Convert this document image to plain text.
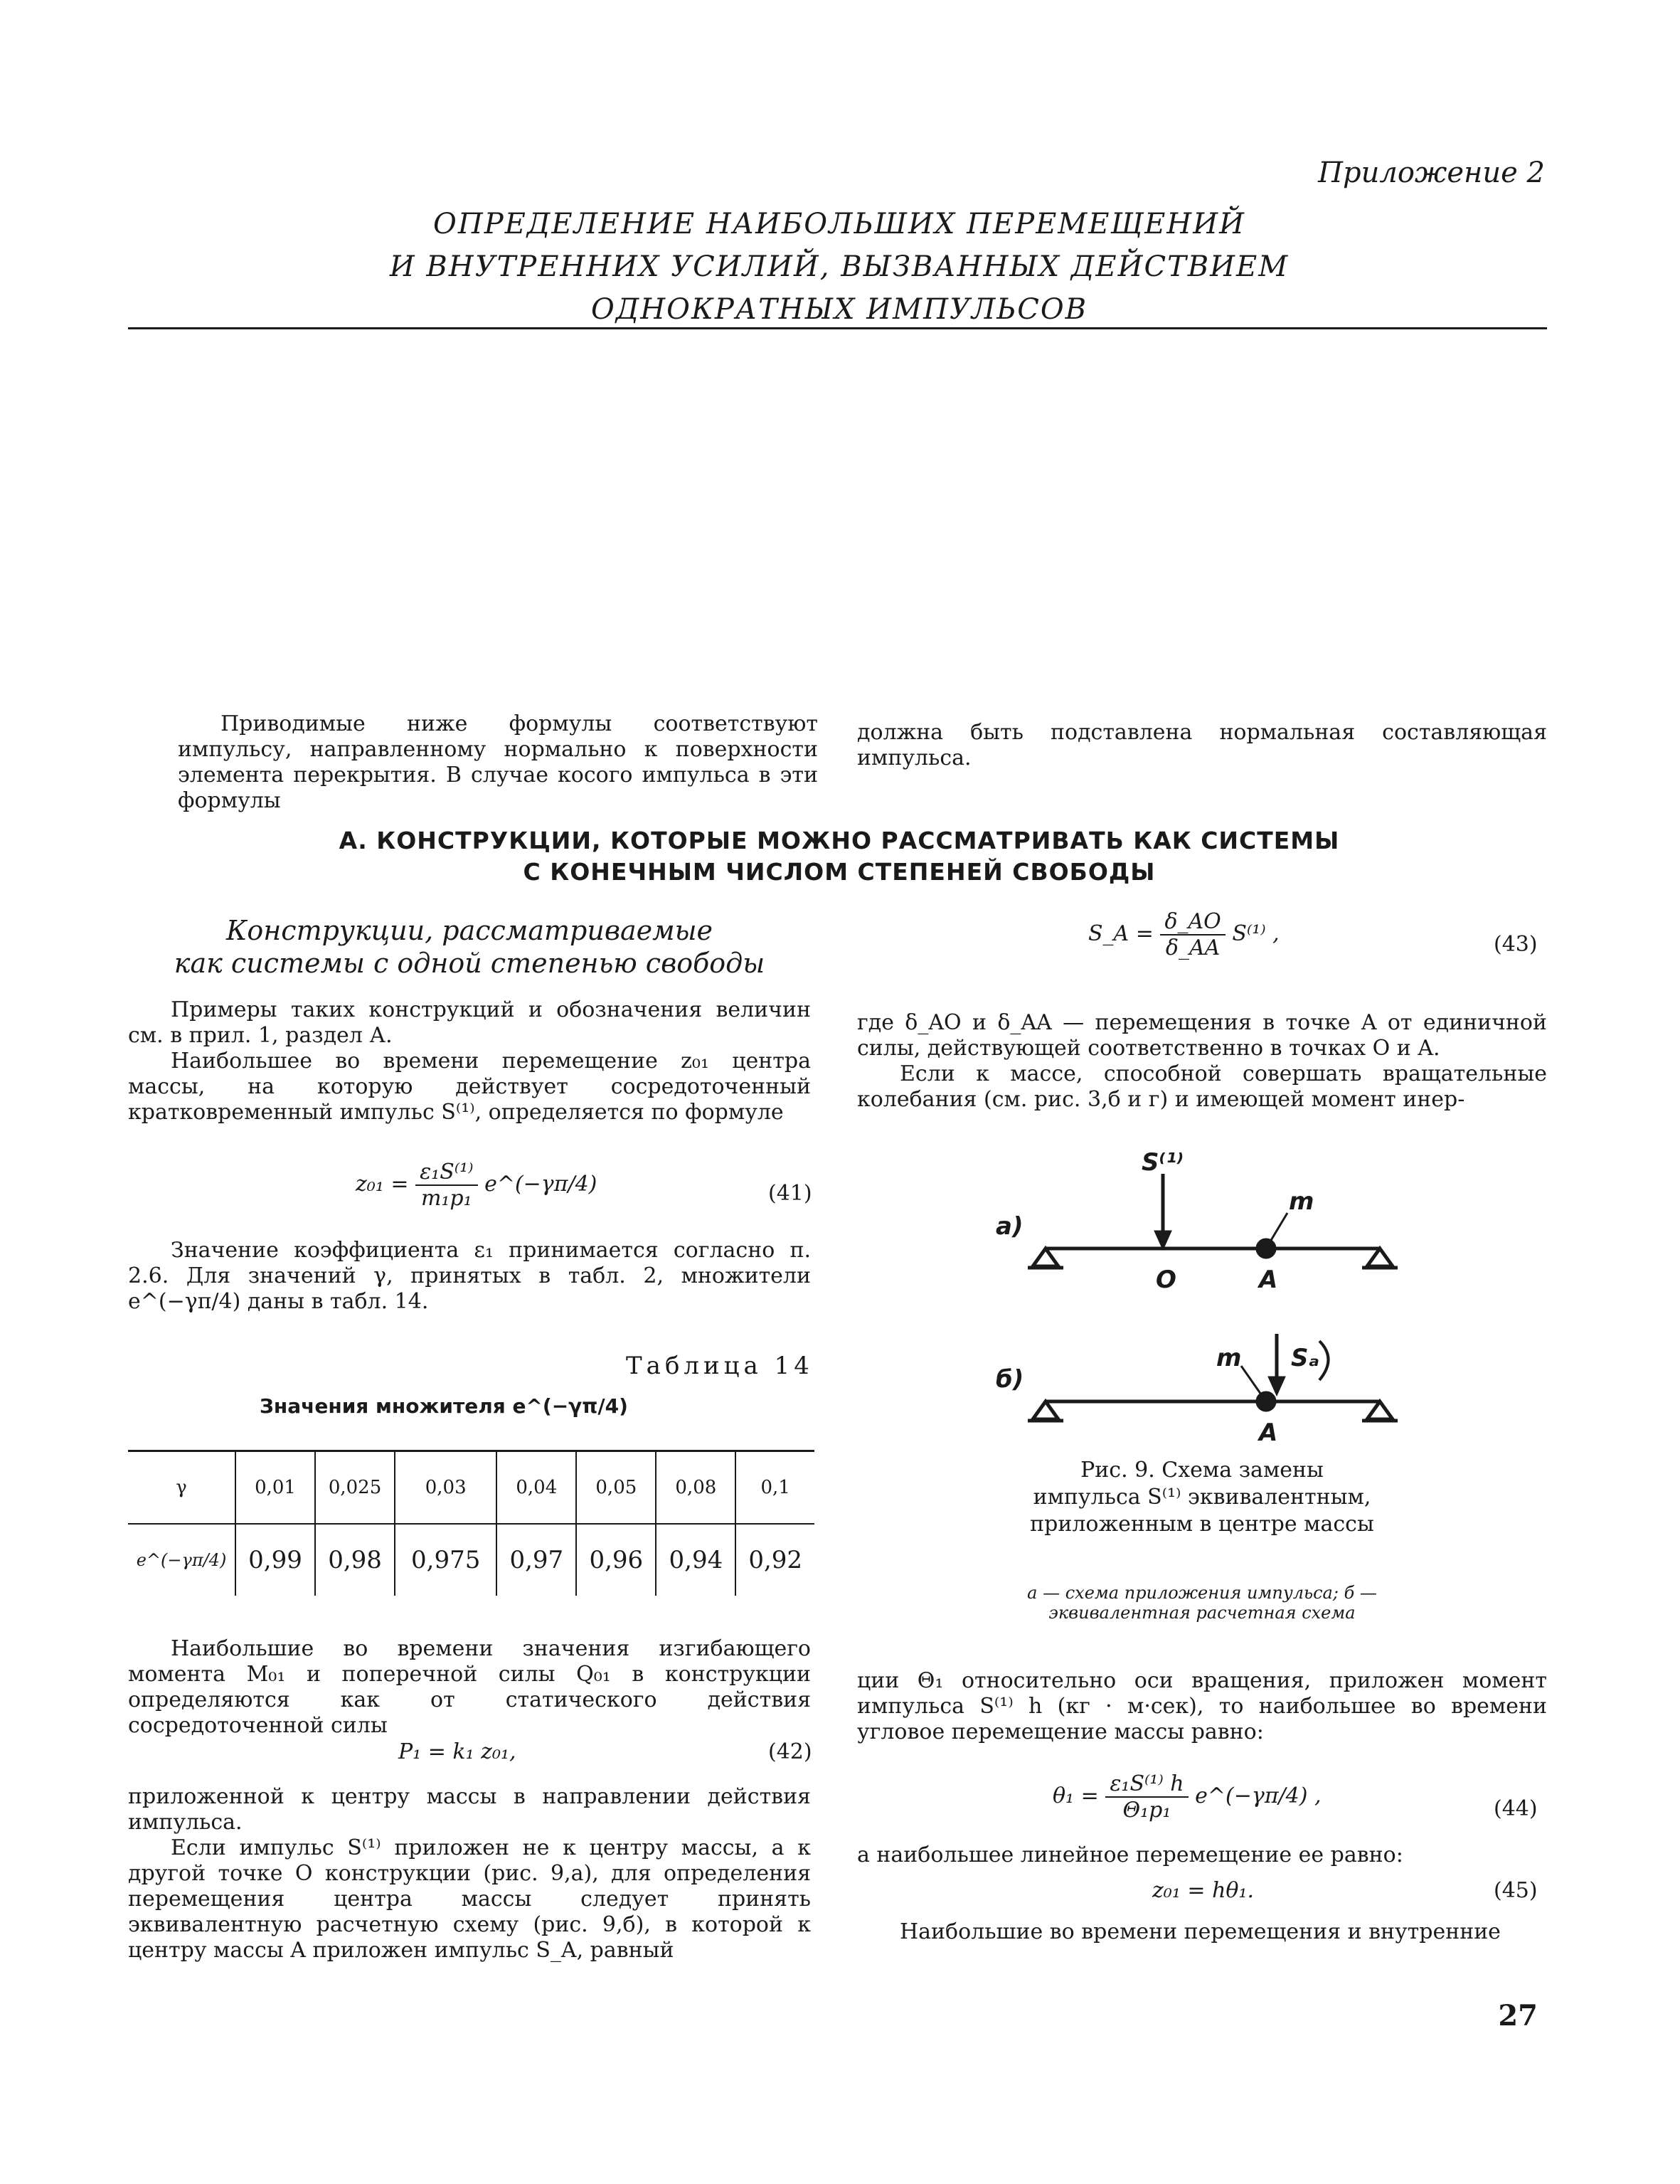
Приложение 2
ОПРЕДЕЛЕНИЕ НАИБОЛЬШИХ ПЕРЕМЕЩЕНИЙ
И ВНУТРЕННИХ УСИЛИЙ, ВЫЗВАННЫХ ДЕЙСТВИЕМ
ОДНОКРАТНЫХ ИМПУЛЬСОВ

Приводимые ниже формулы соответствуют импульсу, направленному нормально к поверхности элемента перекрытия. В случае косого импульса в эти формулы

должна быть подставлена нормальная составляющая импульса.

А. КОНСТРУКЦИИ, КОТОРЫЕ МОЖНО РАССМАТРИВАТЬ КАК СИСТЕМЫ
С КОНЕЧНЫМ ЧИСЛОМ СТЕПЕНЕЙ СВОБОДЫ
Конструкции, рассматриваемые
как системы с одной степенью свободы

Примеры таких конструкций и обозначения величин см. в прил. 1, раздел А.

Наибольшее во времени перемещение z₀₁ центра массы, на которую действует сосредоточенный кратковременный импульс S⁽¹⁾, определяется по формуле

$z_{01} = \frac{\text{ε₁S⁽¹⁾}}{\text{m₁p₁}}$ e^(−γπ/4)	(41)

Значение коэффициента ε₁ принимается согласно п. 2.6. Для значений γ, принятых в табл. 2, множители e^(−γπ/4) даны в табл. 14.

Таблица 14
Значения множителя e^(−γπ/4)
γ	0,01	0,025	0,03	0,04	0,05	0,08	0,1
e^(−γπ/4)	0,99	0,98	0,975	0,97	0,96	0,94	0,92

Наибольшие во времени значения изгибающего момента M₀₁ и поперечной силы Q₀₁ в конструкции определяются как от статического действия сосредоточенной силы

P₁ = k₁ z₀₁,	(42)

приложенной к центру массы в направлении действия импульса.

Если импульс S⁽¹⁾ приложен не к центру массы, а к другой точке O конструкции (рис. 9,а), для определения перемещения центра массы следует принять эквивалентную расчетную схему (рис. 9,б), в которой к центру массы A приложен импульс S_A, равный

S_A = $\frac{\delta\_AO}{\delta\_AA} S^{(1)}$ ,	(43)

где δ_AO и δ_AA — перемещения в точке A от единичной силы, действующей соответственно в точках O и A.

Если к массе, способной совершать вращательные колебания (см. рис. 3,б и г) и имеющей момент инер-

а)
S⁽¹⁾
m
O	A
б)
m Sₐ
A
Рис. 9. Схема замены импульса S⁽¹⁾ эквивалентным, приложенным в центре массы
а — схема приложения импульса; б — эквивалентная расчетная схема

ции Θ₁ относительно оси вращения, приложен момент импульса S⁽¹⁾ h (кг · м·сек), то наибольшее во времени угловое перемещение массы равно:

$\theta_1 = \frac{\text{ε₁S⁽¹⁾ h}}{\text{Θ₁p₁}}$ e^(−γπ/4) ,
(44)

а наибольшее линейное перемещение ее равно:

z₀₁ = hθ₁.	(45)

Наибольшие во времени перемещения и внутренние

27
